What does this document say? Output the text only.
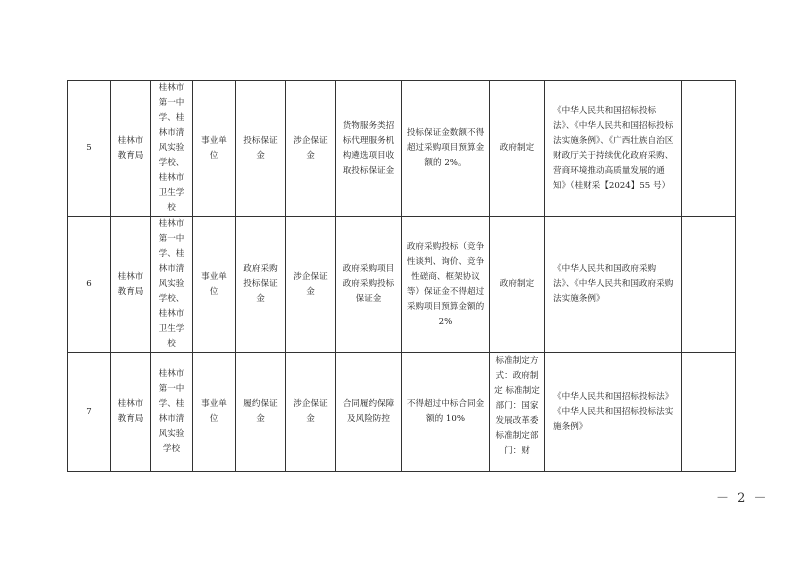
5	桂林市教育局	桂林市第一中学、桂林市清风实验学校、桂林市卫生学校	事业单位	投标保证金	涉企保证金	货物服务类招标代理服务机构遴选项目收取投标保证金	投标保证金数额不得超过采购项目预算金额的 2%。	政府制定	《中华人民共和国招标投标法》、《中华人民共和国招标投标法实施条例》、《广西壮族自治区财政厅关于持续优化政府采购、营商环境推动高质量发展的通知》（桂财采【2024】55 号）	
6	桂林市教育局	桂林市第一中学、桂林市清风实验学校、桂林市卫生学校	事业单位	政府采购投标保证金	涉企保证金	政府采购项目政府采购投标保证金	政府采购投标（竞争性谈判、询价、竞争性磋商、框架协议等）保证金不得超过采购项目预算金额的 2%	政府制定	《中华人民共和国政府采购法》、《中华人民共和国政府采购法实施条例》	
7	桂林市教育局	桂林市第一中学、桂林市清风实验学校	事业单位	履约保证金	涉企保证金	合同履约保障及风险防控	不得超过中标合同金额的 10%	标准制定方式：政府制定 标准制定部门：国家发展改革委 标准制定部门：财	《中华人民共和国招标投标法》《中华人民共和国招标投标法实施条例》	
－ 2 －
